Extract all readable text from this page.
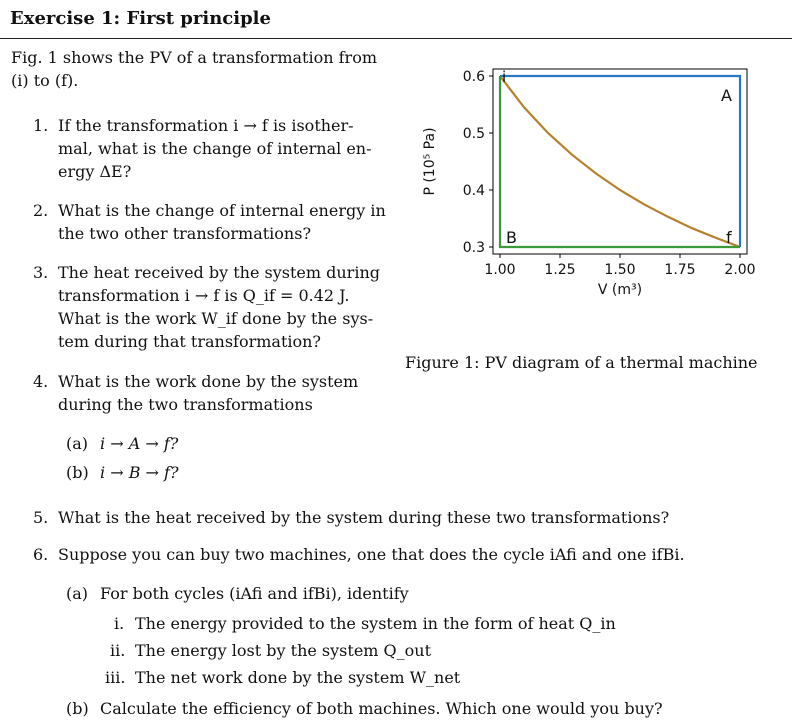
Exercise 1: First principle
Fig. 1 shows the PV of a transformation from
(i) to (f).
1. If the transformation i → f is isother-
mal, what is the change of internal en-
ergy ΔE?
2. What is the change of internal energy in
the two other transformations?
3. The heat received by the system during
transformation i → f is Q_if = 0.42 J.
What is the work W_if done by the sys-
tem during that transformation?
4. What is the work done by the system
during the two transformations
(a) i → A → f?
(b) i → B → f?
5. What is the heat received by the system during these two transformations?
6. Suppose you can buy two machines, one that does the cycle iAfi and one ifBi.
(a) For both cycles (iAfi and ifBi), identify
i. The energy provided to the system in the form of heat Q_in
ii. The energy lost by the system Q_out
iii. The net work done by the system W_net
(b) Calculate the efficiency of both machines. Which one would you buy?
1.00 1.25 1.50 1.75 2.00
0.3
0.4
0.5
0.6
V (m³)
P (10⁵ Pa)
i
A
B	f
Figure 1: PV diagram of a thermal machine
